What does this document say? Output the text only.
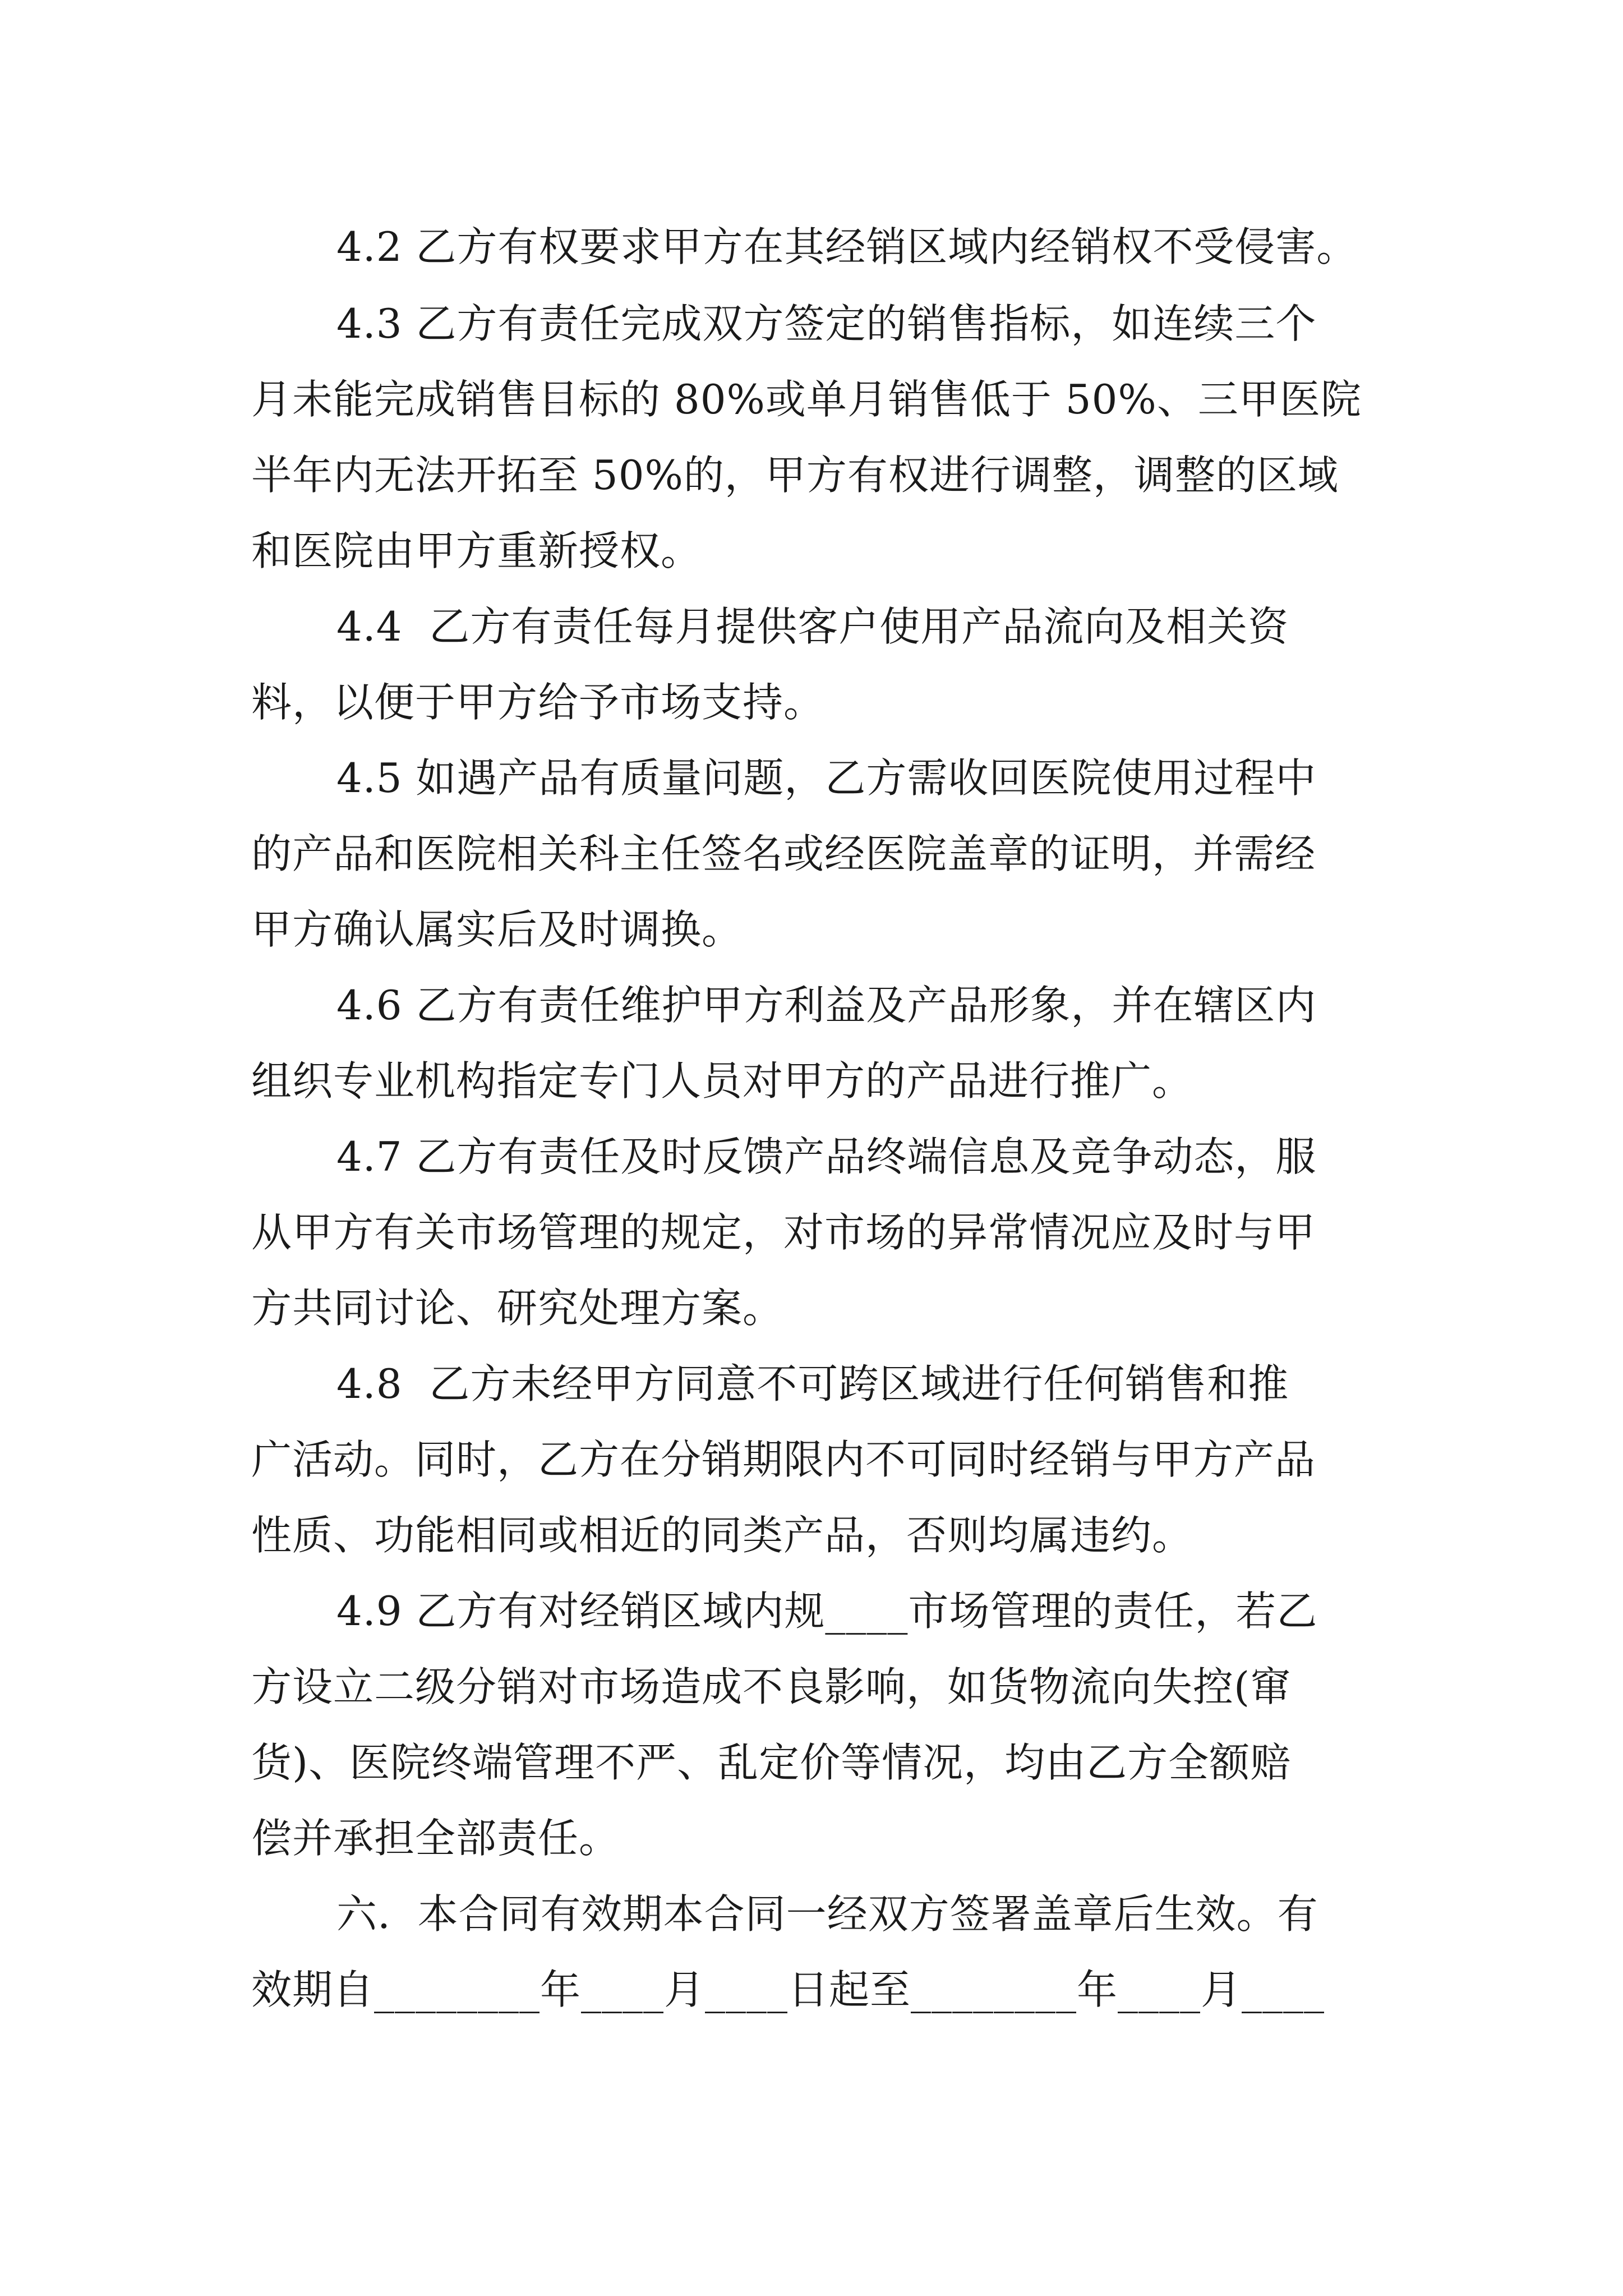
4.2 乙方有权要求甲方在其经销区域内经销权不受侵害。
4.3 乙方有责任完成双方签定的销售指标，如连续三个
月未能完成销售目标的 80%或单月销售低于 50%、三甲医院
半年内无法开拓至 50%的，甲方有权进行调整，调整的区域
和医院由甲方重新授权。
4.4  乙方有责任每月提供客户使用产品流向及相关资
料，以便于甲方给予市场支持。
4.5 如遇产品有质量问题，乙方需收回医院使用过程中
的产品和医院相关科主任签名或经医院盖章的证明，并需经
甲方确认属实后及时调换。
4.6 乙方有责任维护甲方利益及产品形象，并在辖区内
组织专业机构指定专门人员对甲方的产品进行推广。
4.7 乙方有责任及时反馈产品终端信息及竞争动态，服
从甲方有关市场管理的规定，对市场的异常情况应及时与甲
方共同讨论、研究处理方案。
4.8  乙方未经甲方同意不可跨区域进行任何销售和推
广活动。同时，乙方在分销期限内不可同时经销与甲方产品
性质、功能相同或相近的同类产品，否则均属违约。
4.9 乙方有对经销区域内规____市场管理的责任，若乙
方设立二级分销对市场造成不良影响，如货物流向失控(窜
货)、医院终端管理不严、乱定价等情况，均由乙方全额赔
偿并承担全部责任。
六.  本合同有效期本合同一经双方签署盖章后生效。有
效期自________年____月____日起至________年____月____
